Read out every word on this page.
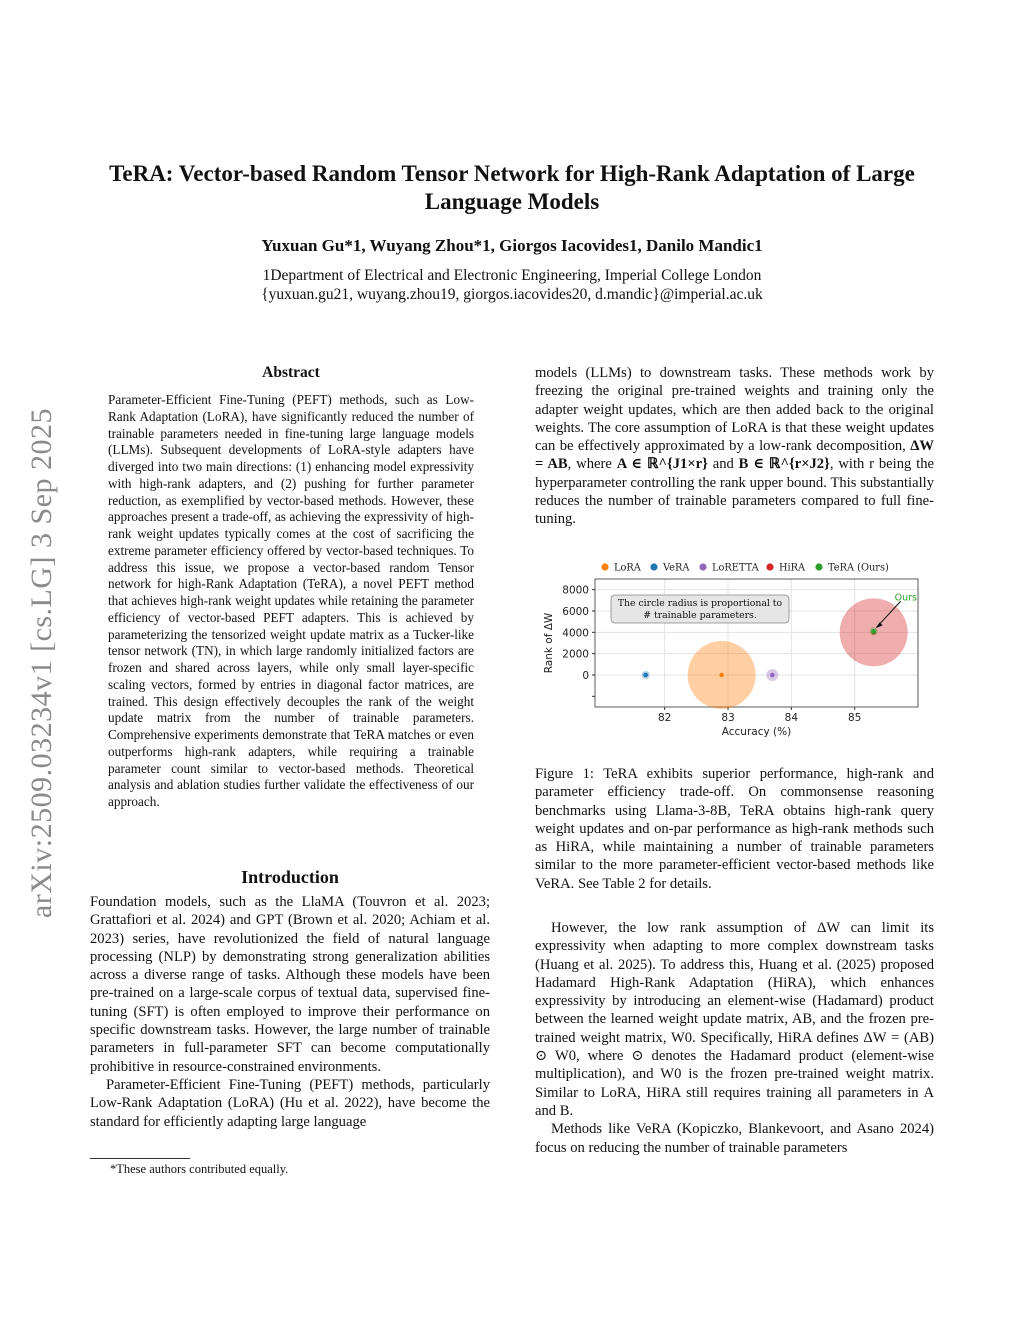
arXiv:2509.03234v1 [cs.LG] 3 Sep 2025
TeRA: Vector-based Random Tensor Network for High-Rank Adaptation of Large Language Models
Yuxuan Gu*1, Wuyang Zhou*1, Giorgos Iacovides1, Danilo Mandic1
1Department of Electrical and Electronic Engineering, Imperial College London
{yuxuan.gu21, wuyang.zhou19, giorgos.iacovides20, d.mandic}@imperial.ac.uk
Abstract
Parameter-Efficient Fine-Tuning (PEFT) methods, such as Low-Rank Adaptation (LoRA), have significantly reduced the number of trainable parameters needed in fine-tuning large language models (LLMs). Subsequent developments of LoRA-style adapters have diverged into two main directions: (1) enhancing model expressivity with high-rank adapters, and (2) pushing for further parameter reduction, as exemplified by vector-based methods. However, these approaches present a trade-off, as achieving the expressivity of high-rank weight updates typically comes at the cost of sacrificing the extreme parameter efficiency offered by vector-based techniques. To address this issue, we propose a vector-based random Tensor network for high-Rank Adaptation (TeRA), a novel PEFT method that achieves high-rank weight updates while retaining the parameter efficiency of vector-based PEFT adapters. This is achieved by parameterizing the tensorized weight update matrix as a Tucker-like tensor network (TN), in which large randomly initialized factors are frozen and shared across layers, while only small layer-specific scaling vectors, formed by entries in diagonal factor matrices, are trained. This design effectively decouples the rank of the weight update matrix from the number of trainable parameters. Comprehensive experiments demonstrate that TeRA matches or even outperforms high-rank adapters, while requiring a trainable parameter count similar to vector-based methods. Theoretical analysis and ablation studies further validate the effectiveness of our approach.
Introduction

Foundation models, such as the LlaMA (Touvron et al. 2023; Grattafiori et al. 2024) and GPT (Brown et al. 2020; Achiam et al. 2023) series, have revolutionized the field of natural language processing (NLP) by demonstrating strong generalization abilities across a diverse range of tasks. Although these models have been pre-trained on a large-scale corpus of textual data, supervised fine-tuning (SFT) is often employed to improve their performance on specific downstream tasks. However, the large number of trainable parameters in full-parameter SFT can become computationally prohibitive in resource-constrained environments.

Parameter-Efficient Fine-Tuning (PEFT) methods, particularly Low-Rank Adaptation (LoRA) (Hu et al. 2022), have become the standard for efficiently adapting large language

*These authors contributed equally.
models (LLMs) to downstream tasks. These methods work by freezing the original pre-trained weights and training only the adapter weight updates, which are then added back to the original weights. The core assumption of LoRA is that these weight updates can be effectively approximated by a low-rank decomposition, ΔW = AB, where A ∈ ℝ^{J1×r} and B ∈ ℝ^{r×J2}, with r being the hyperparameter controlling the rank upper bound. This substantially reduces the number of trainable parameters compared to full fine-tuning.
82	83	84	85
0
2000
4000
6000
8000
Accuracy (%)
Rank of ΔW
The circle radius is proportional to
# trainable parameters.
Ours
LoRA VeRA LoRETTA HiRA TeRA (Ours)
Figure 1: TeRA exhibits superior performance, high-rank and parameter efficiency trade-off. On commonsense reasoning benchmarks using Llama-3-8B, TeRA obtains high-rank query weight updates and on-par performance as high-rank methods such as HiRA, while maintaining a number of trainable parameters similar to the more parameter-efficient vector-based methods like VeRA. See Table 2 for details.

However, the low rank assumption of ΔW can limit its expressivity when adapting to more complex downstream tasks (Huang et al. 2025). To address this, Huang et al. (2025) proposed Hadamard High-Rank Adaptation (HiRA), which enhances expressivity by introducing an element-wise (Hadamard) product between the learned weight update matrix, AB, and the frozen pre-trained weight matrix, W0. Specifically, HiRA defines ΔW = (AB) ⊙ W0, where ⊙ denotes the Hadamard product (element-wise multiplication), and W0 is the frozen pre-trained weight matrix. Similar to LoRA, HiRA still requires training all parameters in A and B.

Methods like VeRA (Kopiczko, Blankevoort, and Asano 2024) focus on reducing the number of trainable parameters
